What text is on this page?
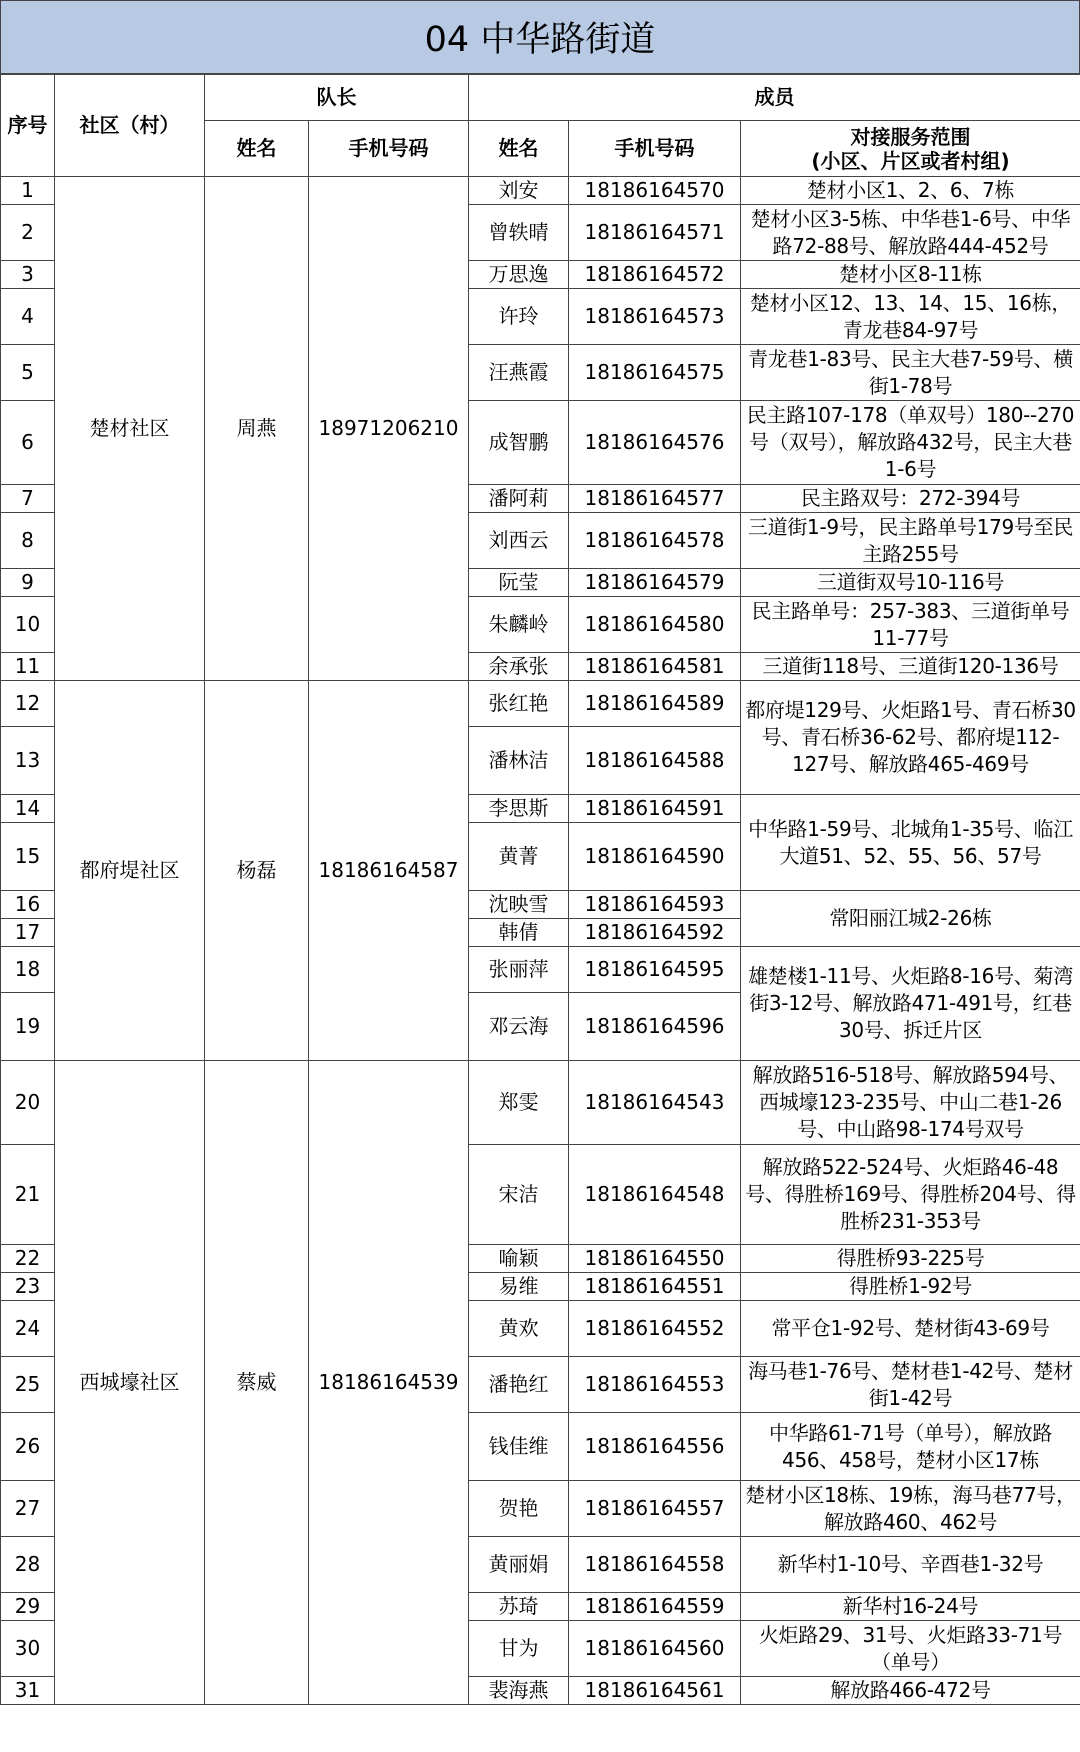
04 中华路街道
序号	社区（村）	队长		成员		
		姓名	手机号码	姓名	手机号码	对接服务范围
(小区、片区或者村组)
1	楚材社区	周燕	18971206210	刘安	18186164570	楚材小区1、2、6、7栋
2				曾轶晴	18186164571	楚材小区3-5栋、中华巷1-6号、中华路72-88号、解放路444-452号
3				万思逸	18186164572	楚材小区8-11栋
4				许玲	18186164573	楚材小区12、13、14、15、16栋，青龙巷84-97号
5				汪燕霞	18186164575	青龙巷1-83号、民主大巷7-59号、横街1-78号
6				成智鹏	18186164576	民主路107-178（单双号）180--270号（双号），解放路432号，民主大巷1-6号
7				潘阿莉	18186164577	民主路双号：272-394号
8				刘西云	18186164578	三道街1-9号，民主路单号179号至民主路255号
9				阮莹	18186164579	三道街双号10-116号
10				朱麟岭	18186164580	民主路单号：257-383、三道街单号11-77号
11				余承张	18186164581	三道街118号、三道街120-136号
12	都府堤社区	杨磊	18186164587	张红艳	18186164589	都府堤129号、火炬路1号、青石桥30号、青石桥36-62号、都府堤112-127号、解放路465-469号
13				潘林洁	18186164588	
14				李思斯	18186164591	中华路1-59号、北城角1-35号、临江大道51、52、55、56、57号
15				黄菁	18186164590	
16				沈映雪	18186164593	常阳丽江城2-26栋
17				韩倩	18186164592	
18				张丽萍	18186164595	雄楚楼1-11号、火炬路8-16号、菊湾街3-12号、解放路471-491号，红巷30号、拆迁片区
19				邓云海	18186164596	
20	西城壕社区	蔡威	18186164539	郑雯	18186164543	解放路516-518号、解放路594号、西城壕123-235号、中山二巷1-26号、中山路98-174号双号
21				宋洁	18186164548	解放路522-524号、火炬路46-48号、得胜桥169号、得胜桥204号、得胜桥231-353号
22				喻颖	18186164550	得胜桥93-225号
23				易维	18186164551	得胜桥1-92号
24				黄欢	18186164552	常平仓1-92号、楚材街43-69号
25				潘艳红	18186164553	海马巷1-76号、楚材巷1-42号、楚材街1-42号
26				钱佳维	18186164556	中华路61-71号（单号），解放路456、458号，楚材小区17栋
27				贺艳	18186164557	楚材小区18栋、19栋，海马巷77号，解放路460、462号
28				黄丽娟	18186164558	新华村1-10号、辛酉巷1-32号
29				苏琦	18186164559	新华村16-24号
30				甘为	18186164560	火炬路29、31号、火炬路33-71号（单号）
31				裴海燕	18186164561	解放路466-472号
